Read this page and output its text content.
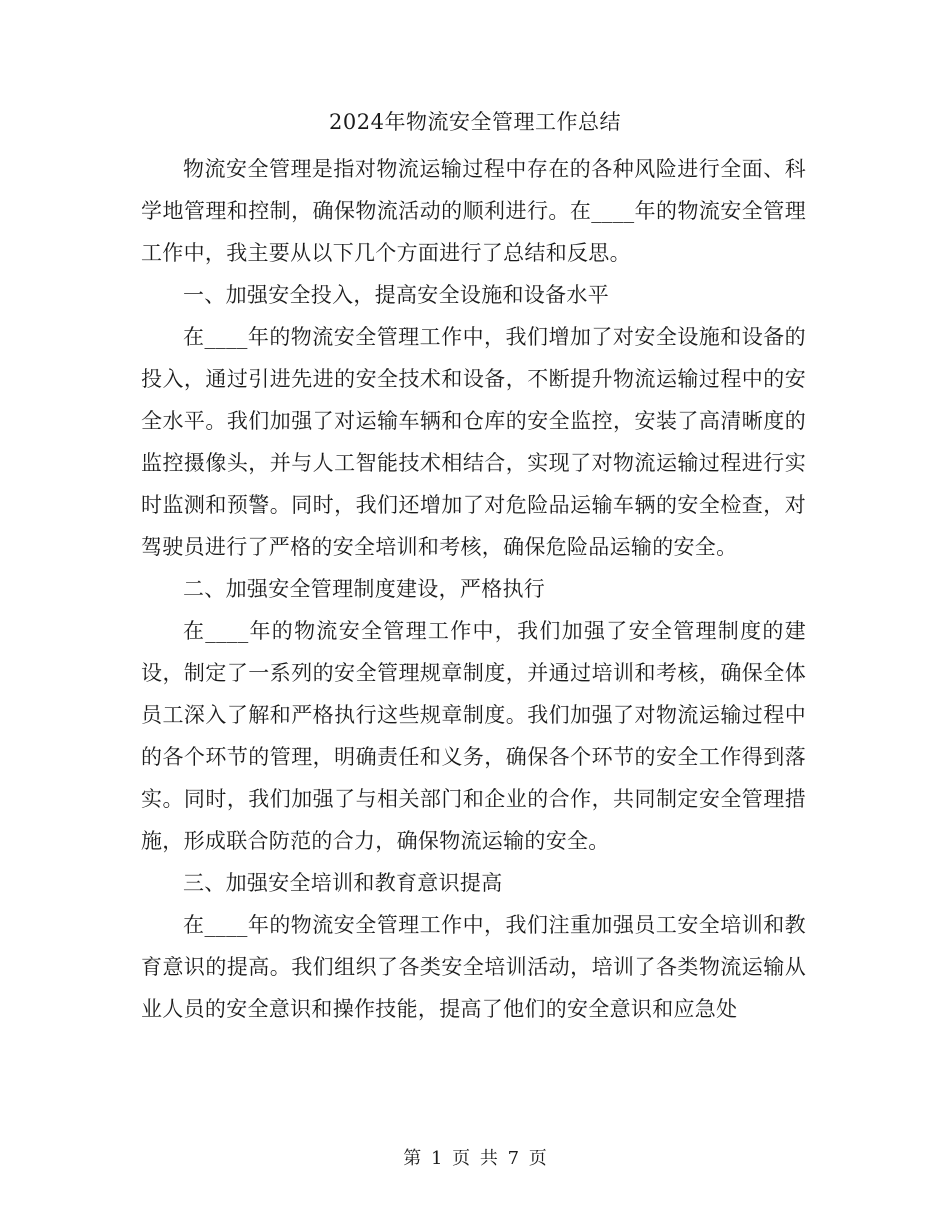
2024年物流安全管理工作总结

物流安全管理是指对物流运输过程中存在的各种风险进行全面、科学地管理和控制，确保物流活动的顺利进行。在____年的物流安全管理工作中，我主要从以下几个方面进行了总结和反思。

一、加强安全投入，提高安全设施和设备水平

在____年的物流安全管理工作中，我们增加了对安全设施和设备的投入，通过引进先进的安全技术和设备，不断提升物流运输过程中的安全水平。我们加强了对运输车辆和仓库的安全监控，安装了高清晰度的监控摄像头，并与人工智能技术相结合，实现了对物流运输过程进行实时监测和预警。同时，我们还增加了对危险品运输车辆的安全检查，对驾驶员进行了严格的安全培训和考核，确保危险品运输的安全。

二、加强安全管理制度建设，严格执行

在____年的物流安全管理工作中，我们加强了安全管理制度的建设，制定了一系列的安全管理规章制度，并通过培训和考核，确保全体员工深入了解和严格执行这些规章制度。我们加强了对物流运输过程中的各个环节的管理，明确责任和义务，确保各个环节的安全工作得到落实。同时，我们加强了与相关部门和企业的合作，共同制定安全管理措施，形成联合防范的合力，确保物流运输的安全。

三、加强安全培训和教育意识提高

在____年的物流安全管理工作中，我们注重加强员工安全培训和教育意识的提高。我们组织了各类安全培训活动，培训了各类物流运输从业人员的安全意识和操作技能，提高了他们的安全意识和应急处

第 1 页 共 7 页
